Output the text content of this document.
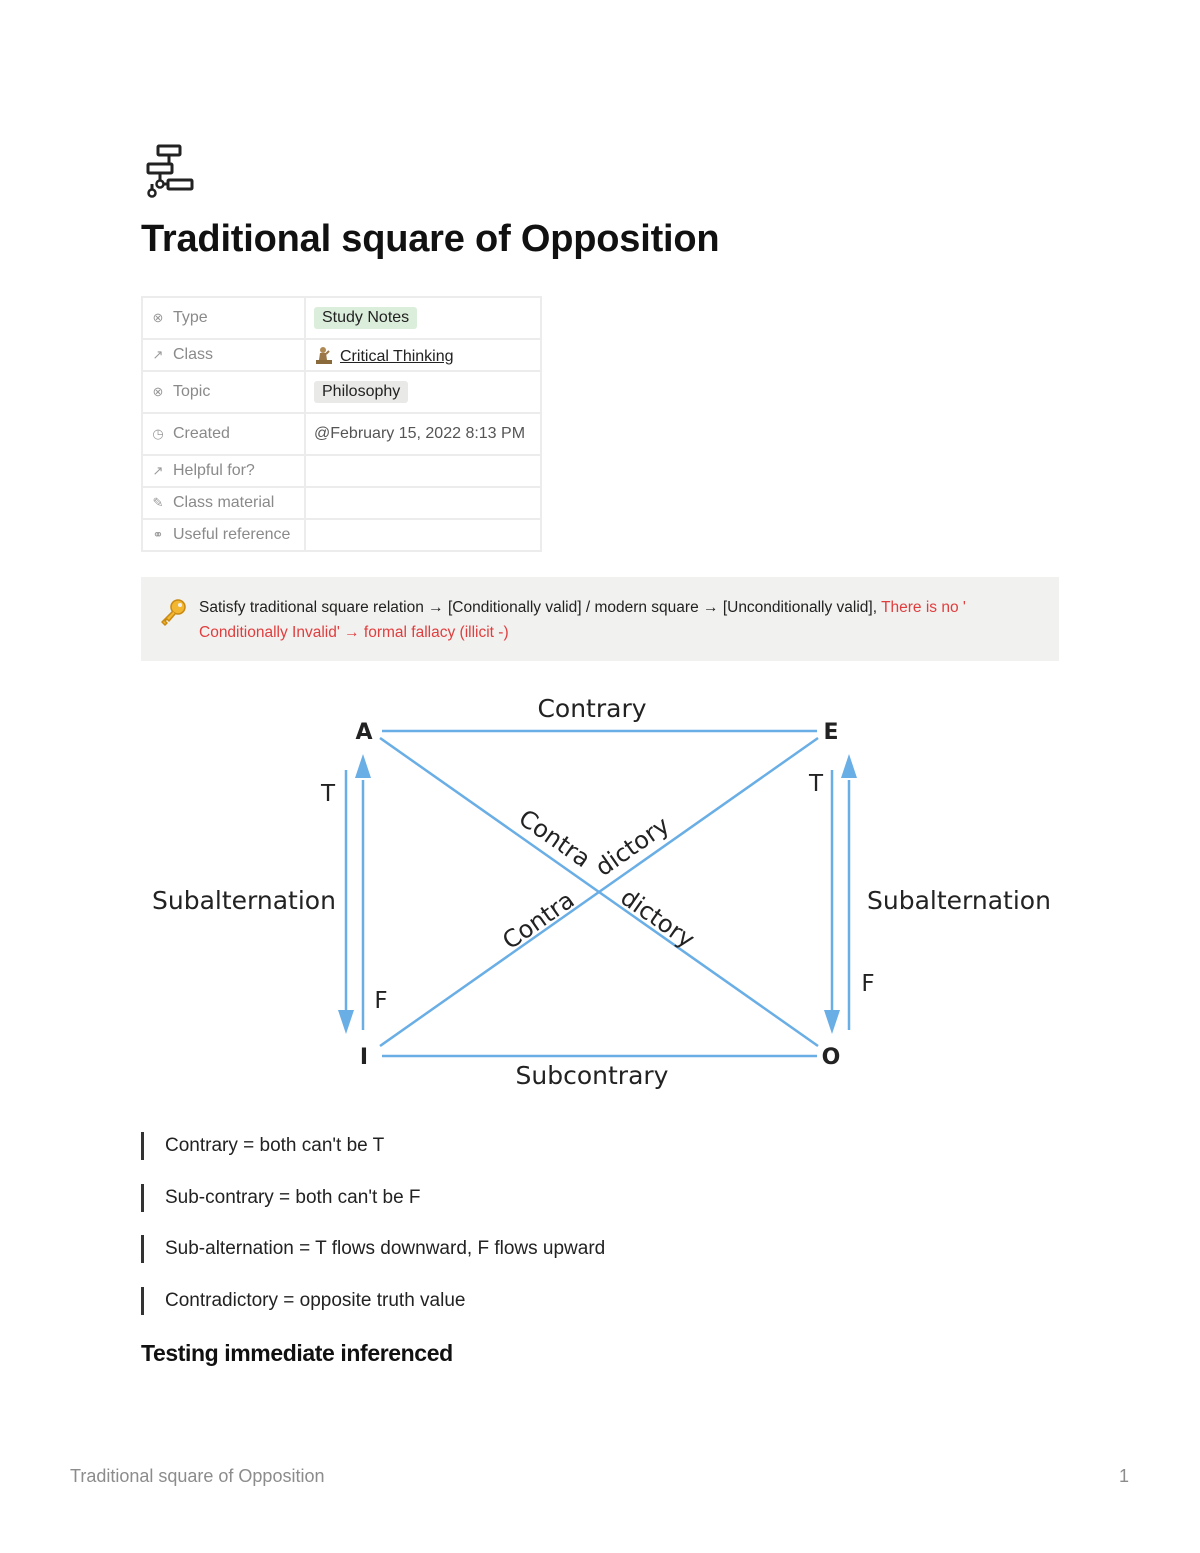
Traditional square of Opposition
⊗ Type	Study Notes
↗ Class	Critical Thinking
⊗ Topic	Philosophy
◷ Created	@February 15, 2022 8:13 PM
↗ Helpful for?	
✎ Class material	
⚭ Useful reference	
Satisfy traditional square relation → [Conditionally valid] / modern square → [Unconditionally valid], There is no ' Conditionally Invalid' → formal fallacy (illicit -)
A	E
I	O
Contrary
Subcontrary
Subalternation	Subalternation
T
F
T
F
Contra
dictory
Contra
dictory
Contrary = both can't be T
Sub-contrary = both can't be F
Sub-alternation = T flows downward, F flows upward
Contradictory = opposite truth value
Testing immediate inferenced
Traditional square of Opposition	1
